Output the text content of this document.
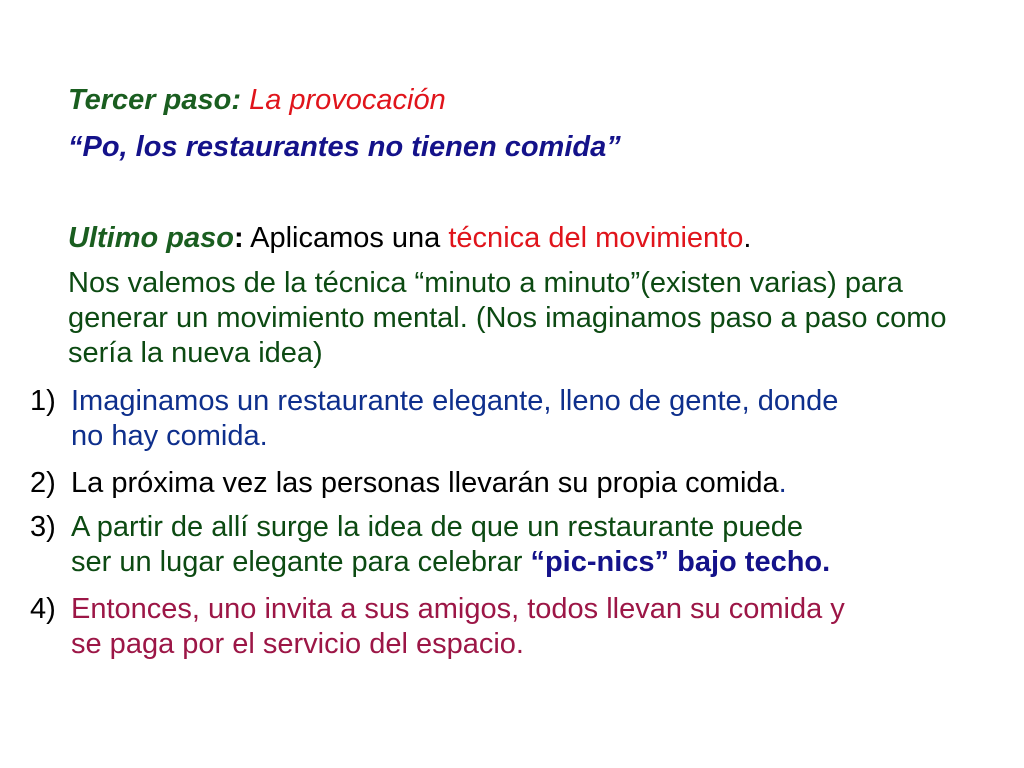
Tercer paso: La provocación
“Po, los restaurantes no tienen comida”
Ultimo paso: Aplicamos una técnica del movimiento.
Nos valemos de la técnica “minuto a minuto”(existen varias) para generar un movimiento mental. (Nos imaginamos paso a paso como sería la nueva idea)
1) Imaginamos un restaurante elegante, lleno de gente, donde
no hay comida.
2) La próxima vez las personas llevarán su propia comida.
3) A partir de allí surge la idea de que un restaurante puede
ser un lugar elegante para celebrar “pic-nics” bajo techo.
4) Entonces, uno invita a sus amigos, todos llevan su comida y
se paga por el servicio del espacio.
